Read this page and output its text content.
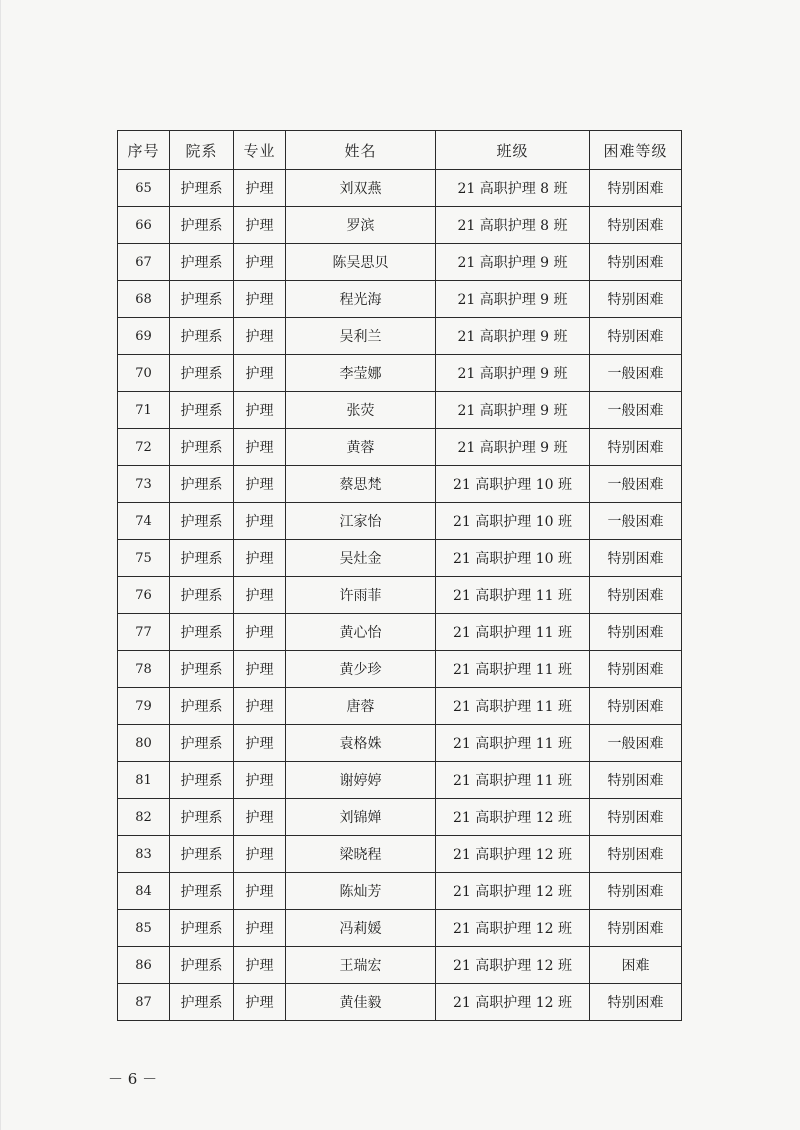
序号	院系	专业	姓名	班级	困难等级
65	护理系	护理	刘双燕	21 高职护理 8 班	特别困难
66	护理系	护理	罗滨	21 高职护理 8 班	特别困难
67	护理系	护理	陈吴思贝	21 高职护理 9 班	特别困难
68	护理系	护理	程光海	21 高职护理 9 班	特别困难
69	护理系	护理	吴利兰	21 高职护理 9 班	特别困难
70	护理系	护理	李莹娜	21 高职护理 9 班	一般困难
71	护理系	护理	张荧	21 高职护理 9 班	一般困难
72	护理系	护理	黄蓉	21 高职护理 9 班	特别困难
73	护理系	护理	蔡思梵	21 高职护理 10 班	一般困难
74	护理系	护理	江家怡	21 高职护理 10 班	一般困难
75	护理系	护理	吴灶金	21 高职护理 10 班	特别困难
76	护理系	护理	许雨菲	21 高职护理 11 班	特别困难
77	护理系	护理	黄心怡	21 高职护理 11 班	特别困难
78	护理系	护理	黄少珍	21 高职护理 11 班	特别困难
79	护理系	护理	唐蓉	21 高职护理 11 班	特别困难
80	护理系	护理	袁格姝	21 高职护理 11 班	一般困难
81	护理系	护理	谢婷婷	21 高职护理 11 班	特别困难
82	护理系	护理	刘锦婵	21 高职护理 12 班	特别困难
83	护理系	护理	梁晓程	21 高职护理 12 班	特别困难
84	护理系	护理	陈灿芳	21 高职护理 12 班	特别困难
85	护理系	护理	冯莉媛	21 高职护理 12 班	特别困难
86	护理系	护理	王瑞宏	21 高职护理 12 班	困难
87	护理系	护理	黄佳毅	21 高职护理 12 班	特别困难
－ 6 －
